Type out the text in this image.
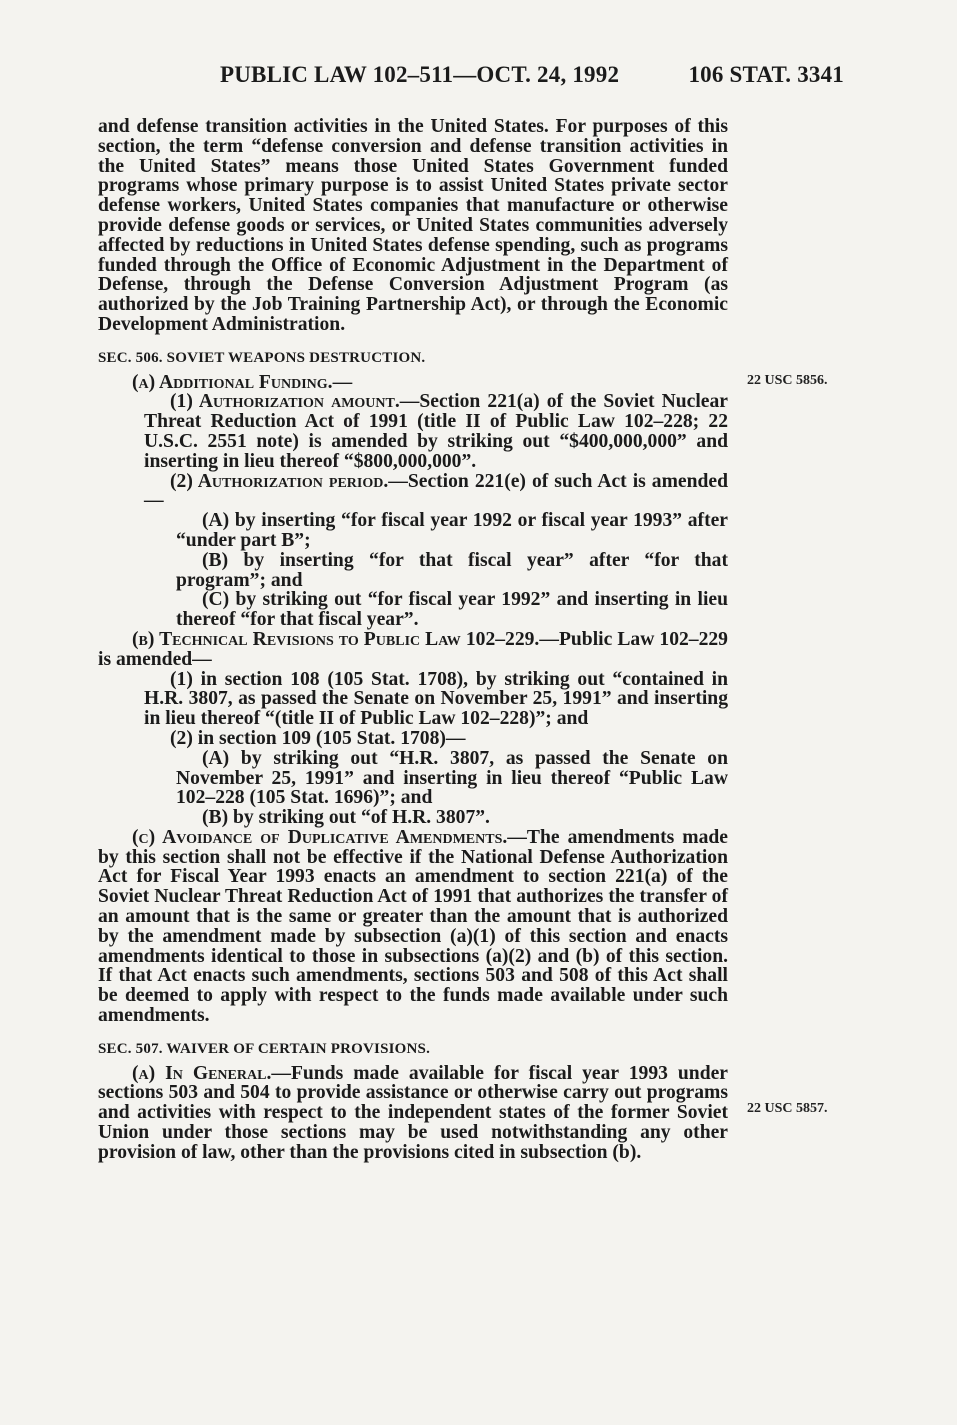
PUBLIC LAW 102–511—OCT. 24, 1992	106 STAT. 3341
22 USC 5856.
22 USC 5857.

and defense transition activities in the United States. For purposes of this section, the term “defense conversion and defense transition activities in the United States” means those United States Government funded programs whose primary purpose is to assist United States private sector defense workers, United States companies that manufacture or otherwise provide defense goods or services, or United States communities adversely affected by reductions in United States defense spending, such as programs funded through the Office of Economic Adjustment in the Department of Defense, through the Defense Conversion Adjustment Program (as authorized by the Job Training Partnership Act), or through the Economic Development Administration.

SEC. 506. SOVIET WEAPONS DESTRUCTION.

(a) Additional Funding.—

(1) Authorization amount.—Section 221(a) of the Soviet Nuclear Threat Reduction Act of 1991 (title II of Public Law 102–228; 22 U.S.C. 2551 note) is amended by striking out “$400,000,000” and inserting in lieu thereof “$800,000,000”.

(2) Authorization period.—Section 221(e) of such Act is amended—

(A) by inserting “for fiscal year 1992 or fiscal year 1993” after “under part B”;

(B) by inserting “for that fiscal year” after “for that program”; and

(C) by striking out “for fiscal year 1992” and inserting in lieu thereof “for that fiscal year”.

(b) Technical Revisions to Public Law 102–229.—Public Law 102–229 is amended—

(1) in section 108 (105 Stat. 1708), by striking out “contained in H.R. 3807, as passed the Senate on November 25, 1991” and inserting in lieu thereof “(title II of Public Law 102–228)”; and

(2) in section 109 (105 Stat. 1708)—

(A) by striking out “H.R. 3807, as passed the Senate on November 25, 1991” and inserting in lieu thereof “Public Law 102–228 (105 Stat. 1696)”; and

(B) by striking out “of H.R. 3807”.

(c) Avoidance of Duplicative Amendments.—The amendments made by this section shall not be effective if the National Defense Authorization Act for Fiscal Year 1993 enacts an amendment to section 221(a) of the Soviet Nuclear Threat Reduction Act of 1991 that authorizes the transfer of an amount that is the same or greater than the amount that is authorized by the amendment made by subsection (a)(1) of this section and enacts amendments identical to those in subsections (a)(2) and (b) of this section. If that Act enacts such amendments, sections 503 and 508 of this Act shall be deemed to apply with respect to the funds made available under such amendments.

SEC. 507. WAIVER OF CERTAIN PROVISIONS.

(a) In General.—Funds made available for fiscal year 1993 under sections 503 and 504 to provide assistance or otherwise carry out programs and activities with respect to the independent states of the former Soviet Union under those sections may be used notwithstanding any other provision of law, other than the provisions cited in subsection (b).
